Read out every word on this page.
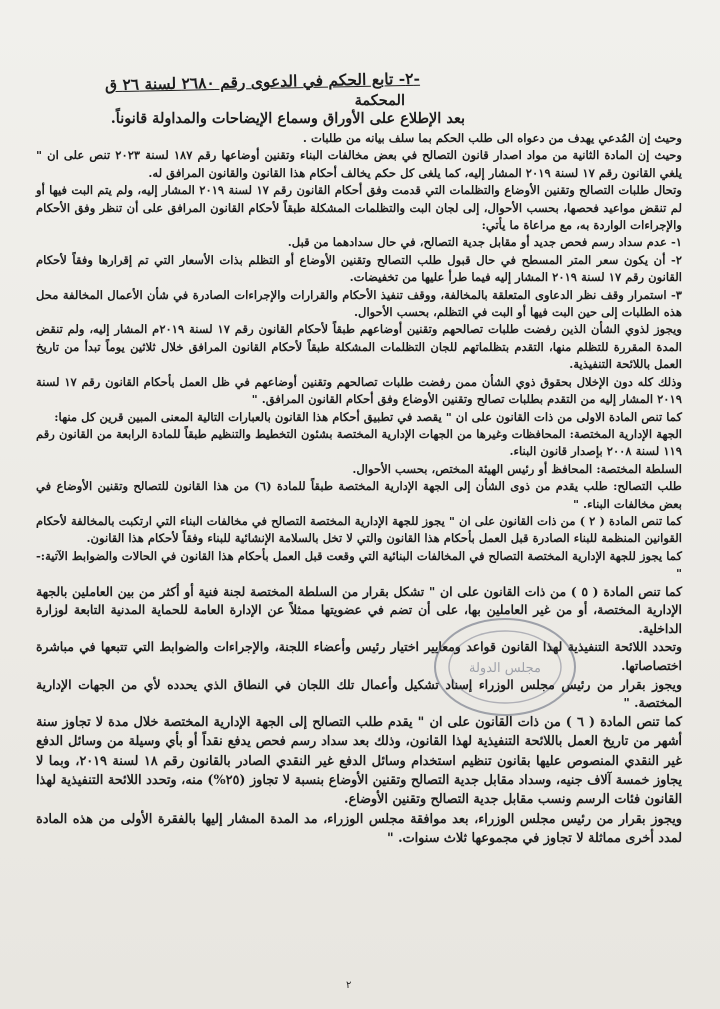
-٢- تابع الحكم في الدعوى رقم ٢٦٨٠ لسنة ٢٦ ق
المحكمة
بعد الإطلاع على الأوراق وسماع الإيضاحات والمداولة قانوناً.

وحيث إن المُدعي يهدف من دعواه الى طلب الحكم بما سلف بيانه من طلبات .

وحيث إن المادة الثانية من مواد اصدار قانون التصالح في بعض مخالفات البناء وتقنين أوضاعها رقم ١٨٧ لسنة ٢٠٢٣ تنص على ان " يلغي القانون رقم ١٧ لسنة ٢٠١٩ المشار إليه، كما يلغى كل حكم يخالف أحكام هذا القانون والقانون المرافق له.

وتحال طلبات التصالح وتقنين الأوضاع والتظلمات التي قدمت وفق أحكام القانون رقم ١٧ لسنة ٢٠١٩ المشار إليه، ولم يتم البت فيها أو لم تنقض مواعيد فحصها، بحسب الأحوال، إلى لجان البت والتظلمات المشكلة طبقاً لأحكام القانون المرافق على أن تنظر وفق الأحكام والإجراءات الواردة به، مع مراعاة ما يأتي:

١- عدم سداد رسم فحص جديد أو مقابل جدية التصالح، في حال سدادهما من قبل.

٢- أن يكون سعر المتر المسطح في حال قبول طلب التصالح وتقنين الأوضاع أو التظلم بذات الأسعار التي تم إقرارها وفقاً لأحكام القانون رقم ١٧ لسنة ٢٠١٩ المشار إليه فيما طرأ عليها من تخفيضات.

٣- استمرار وقف نظر الدعاوى المتعلقة بالمخالفة، ووقف تنفيذ الأحكام والقرارات والإجراءات الصادرة في شأن الأعمال المخالفة محل هذه الطلبات إلى حين البت فيها أو البت في التظلم، بحسب الأحوال.

ويجوز لذوي الشأن الذين رفضت طلبات تصالحهم وتقنين أوضاعهم طبقاً لأحكام القانون رقم ١٧ لسنة ٢٠١٩م المشار إليه، ولم تنقض المدة المقررة للتظلم منها، التقدم بتظلماتهم للجان التظلمات المشكلة طبقاً لأحكام القانون المرافق خلال ثلاثين يوماً تبدأ من تاريخ العمل باللائحة التنفيذية.

وذلك كله دون الإخلال بحقوق ذوي الشأن ممن رفضت طلبات تصالحهم وتقنين أوضاعهم في ظل العمل بأحكام القانون رقم ١٧ لسنة ٢٠١٩ المشار إليه من التقدم بطلبات تصالح وتقنين الأوضاع وفق أحكام القانون المرافق. "

كما تنص المادة الاولى من ذات القانون على ان " يقصد في تطبيق أحكام هذا القانون بالعبارات التالية المعنى المبين قرين كل منها:

الجهة الإدارية المختصة: المحافظات وغيرها من الجهات الإدارية المختصة بشئون التخطيط والتنظيم طبقاً للمادة الرابعة من القانون رقم ١١٩ لسنة ٢٠٠٨ بإصدار قانون البناء.

السلطة المختصة: المحافظ أو رئيس الهيئة المختص، بحسب الأحوال.

طلب التصالح: طلب يقدم من ذوى الشأن إلى الجهة الإدارية المختصة طبقاً للمادة (٦) من هذا القانون للتصالح وتقنين الأوضاع في بعض مخالفات البناء. "

كما تنص المادة ( ٢ ) من ذات القانون على ان " يجوز للجهة الإدارية المختصة التصالح في مخالفات البناء التي ارتكبت بالمخالفة لأحكام القوانين المنظمة للبناء الصادرة قبل العمل بأحكام هذا القانون والتي لا تخل بالسلامة الإنشائية للبناء وفقاً لأحكام هذا القانون.

كما يجوز للجهة الإدارية المختصة التصالح في المخالفات البنائية التي وقعت قبل العمل بأحكام هذا القانون في الحالات والضوابط الآتية:- "

كما تنص المادة ( ٥ ) من ذات القانون على ان " تشكل بقرار من السلطة المختصة لجنة فنية أو أكثر من بين العاملين بالجهة الإدارية المختصة، أو من غير العاملين بها، على أن تضم في عضويتها ممثلاً عن الإدارة العامة للحماية المدنية التابعة لوزارة الداخلية.

وتحدد اللائحة التنفيذية لهذا القانون قواعد ومعايير اختيار رئيس وأعضاء اللجنة، والإجراءات والضوابط التي تتبعها في مباشرة اختصاصاتها.

ويجوز بقرار من رئيس مجلس الوزراء إسناد تشكيل وأعمال تلك اللجان في النطاق الذي يحدده لأي من الجهات الإدارية المختصة. "

كما تنص المادة ( ٦ ) من ذات القانون على ان " يقدم طلب التصالح إلى الجهة الإدارية المختصة خلال مدة لا تجاوز سنة أشهر من تاريخ العمل باللائحة التنفيذية لهذا القانون، وذلك بعد سداد رسم فحص يدفع نقداً أو بأي وسيلة من وسائل الدفع غير النقدي المنصوص عليها بقانون تنظيم استخدام وسائل الدفع غير النقدي الصادر بالقانون رقم ١٨ لسنة ٢٠١٩، وبما لا يجاوز خمسة آلاف جنيه، وسداد مقابل جدية التصالح وتقنين الأوضاع بنسبة لا تجاوز (٢٥%) منه، وتحدد اللائحة التنفيذية لهذا القانون فئات الرسم ونسب مقابل جدية التصالح وتقنين الأوضاع.

ويجوز بقرار من رئيس مجلس الوزراء، بعد موافقة مجلس الوزراء، مد المدة المشار إليها بالفقرة الأولى من هذه المادة لمدد أخرى مماثلة لا تجاوز في مجموعها ثلاث سنوات. "

مجلس الدولة
٢
